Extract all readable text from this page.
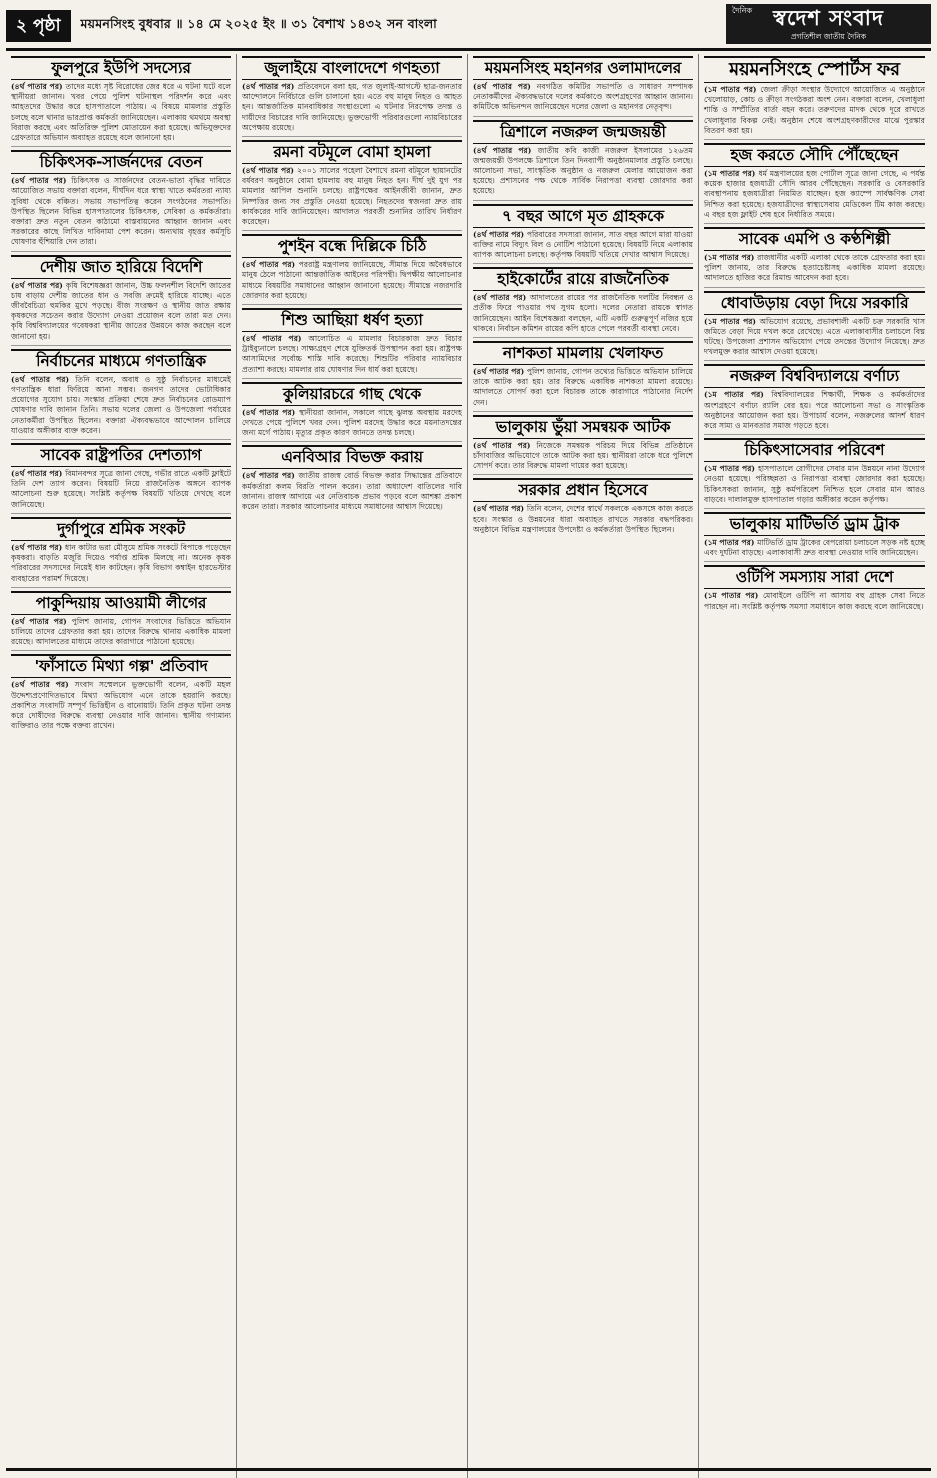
২ পৃষ্ঠা	ময়মনসিংহ বুধবার ॥ ১৪ মে ২০২৫ ইং ॥ ৩১ বৈশাখ ১৪৩২ সন বাংলা
দৈনিক	স্বদেশ সংবাদ
প্রগতিশীল জাতীয় দৈনিক
ফুলপুরে ইউপি সদস্যের
(৪র্থ পাতার পর) তাদের মধ্যে সৃষ্ট বিরোধের জের ধরে এ ঘটনা ঘটে বলে স্থানীয়রা জানান। খবর পেয়ে পুলিশ ঘটনাস্থল পরিদর্শন করে এবং আহতদের উদ্ধার করে হাসপাতালে পাঠায়। এ বিষয়ে মামলার প্রস্তুতি চলছে বলে থানার ভারপ্রাপ্ত কর্মকর্তা জানিয়েছেন। এলাকায় থমথমে অবস্থা বিরাজ করছে এবং অতিরিক্ত পুলিশ মোতায়েন করা হয়েছে। অভিযুক্তদের গ্রেফতারে অভিযান অব্যাহত রয়েছে বলে জানানো হয়।
চিকিৎসক-সার্জনদের বেতন
(৪র্থ পাতার পর) চিকিৎসক ও সার্জনদের বেতন-ভাতা বৃদ্ধির দাবিতে আয়োজিত সভায় বক্তারা বলেন, দীর্ঘদিন ধরে স্বাস্থ্য খাতে কর্মরতরা ন্যায্য সুবিধা থেকে বঞ্চিত। সভায় সভাপতিত্ব করেন সংগঠনের সভাপতি। উপস্থিত ছিলেন বিভিন্ন হাসপাতালের চিকিৎসক, সেবিকা ও কর্মকর্তারা। বক্তারা দ্রুত নতুন বেতন কাঠামো বাস্তবায়নের আহ্বান জানান এবং সরকারের কাছে লিখিত দাবিনামা পেশ করেন। অন্যথায় বৃহত্তর কর্মসূচি ঘোষণার হুঁশিয়ারি দেন তারা।
দেশীয় জাত হারিয়ে বিদেশি
(৪র্থ পাতার পর) কৃষি বিশেষজ্ঞরা জানান, উচ্চ ফলনশীল বিদেশি জাতের চাষ বাড়ায় দেশীয় জাতের ধান ও সবজি ক্রমেই হারিয়ে যাচ্ছে। এতে জীববৈচিত্র্য হুমকির মুখে পড়ছে। বীজ সংরক্ষণ ও স্থানীয় জাত রক্ষায় কৃষকদের সচেতন করার উদ্যোগ নেওয়া প্রয়োজন বলে তারা মত দেন। কৃষি বিশ্ববিদ্যালয়ের গবেষকরা স্থানীয় জাতের উন্নয়নে কাজ করছেন বলে জানানো হয়।
নির্বাচনের মাধ্যমে গণতান্ত্রিক
(৪র্থ পাতার পর) তিনি বলেন, অবাধ ও সুষ্ঠু নির্বাচনের মাধ্যমেই গণতান্ত্রিক ধারা ফিরিয়ে আনা সম্ভব। জনগণ তাদের ভোটাধিকার প্রয়োগের সুযোগ চায়। সংস্কার প্রক্রিয়া শেষে দ্রুত নির্বাচনের রোডম্যাপ ঘোষণার দাবি জানান তিনি। সভায় দলের জেলা ও উপজেলা পর্যায়ের নেতাকর্মীরা উপস্থিত ছিলেন। বক্তারা ঐক্যবদ্ধভাবে আন্দোলন চালিয়ে যাওয়ার অঙ্গীকার ব্যক্ত করেন।
সাবেক রাষ্ট্রপতির দেশত্যাগ
(৪র্থ পাতার পর) বিমানবন্দর সূত্রে জানা গেছে, গভীর রাতে একটি ফ্লাইটে তিনি দেশ ত্যাগ করেন। বিষয়টি নিয়ে রাজনৈতিক অঙ্গনে ব্যাপক আলোচনা শুরু হয়েছে। সংশ্লিষ্ট কর্তৃপক্ষ বিষয়টি খতিয়ে দেখছে বলে জানিয়েছে।
দুর্গাপুরে শ্রমিক সংকট
(৪র্থ পাতার পর) ধান কাটার ভরা মৌসুমে শ্রমিক সংকটে বিপাকে পড়েছেন কৃষকরা। বাড়তি মজুরি দিয়েও পর্যাপ্ত শ্রমিক মিলছে না। অনেক কৃষক পরিবারের সদস্যদের নিয়েই ধান কাটছেন। কৃষি বিভাগ কম্বাইন হারভেস্টার ব্যবহারের পরামর্শ দিয়েছে।
পাকুন্দিয়ায় আওয়ামী লীগের
(৪র্থ পাতার পর) পুলিশ জানায়, গোপন সংবাদের ভিত্তিতে অভিযান চালিয়ে তাদের গ্রেফতার করা হয়। তাদের বিরুদ্ধে থানায় একাধিক মামলা রয়েছে। আদালতের মাধ্যমে তাদের কারাগারে পাঠানো হয়েছে।
'ফাঁসাতে মিথ্যা গল্প' প্রতিবাদ
(৪র্থ পাতার পর) সংবাদ সম্মেলনে ভুক্তভোগী বলেন, একটি মহল উদ্দেশ্যপ্রণোদিতভাবে মিথ্যা অভিযোগ এনে তাকে হয়রানি করছে। প্রকাশিত সংবাদটি সম্পূর্ণ ভিত্তিহীন ও বানোয়াট। তিনি প্রকৃত ঘটনা তদন্ত করে দোষীদের বিরুদ্ধে ব্যবস্থা নেওয়ার দাবি জানান। স্থানীয় গণ্যমান্য ব্যক্তিরাও তার পক্ষে বক্তব্য রাখেন।
জুলাইয়ে বাংলাদেশে গণহত্যা
(৪র্থ পাতার পর) প্রতিবেদনে বলা হয়, গত জুলাই-আগস্টে ছাত্র-জনতার আন্দোলনে নির্বিচারে গুলি চালানো হয়। এতে বহু মানুষ নিহত ও আহত হন। আন্তর্জাতিক মানবাধিকার সংস্থাগুলো এ ঘটনার নিরপেক্ষ তদন্ত ও দায়ীদের বিচারের দাবি জানিয়েছে। ভুক্তভোগী পরিবারগুলো ন্যায়বিচারের অপেক্ষায় রয়েছে।
রমনা বটমূলে বোমা হামলা
(৪র্থ পাতার পর) ২০০১ সালের পহেলা বৈশাখে রমনা বটমূলে ছায়ানটের বর্ষবরণ অনুষ্ঠানে বোমা হামলায় বহু মানুষ নিহত হন। দীর্ঘ দুই যুগ পর মামলার আপিল শুনানি চলছে। রাষ্ট্রপক্ষের আইনজীবী জানান, দ্রুত নিষ্পত্তির জন্য সব প্রস্তুতি নেওয়া হয়েছে। নিহতদের স্বজনরা দ্রুত রায় কার্যকরের দাবি জানিয়েছেন। আদালত পরবর্তী শুনানির তারিখ নির্ধারণ করেছেন।
পুশইন বন্ধে দিল্লিকে চিঠি
(৪র্থ পাতার পর) পররাষ্ট্র মন্ত্রণালয় জানিয়েছে, সীমান্ত দিয়ে অবৈধভাবে মানুষ ঠেলে পাঠানো আন্তর্জাতিক আইনের পরিপন্থী। দ্বিপক্ষীয় আলোচনার মাধ্যমে বিষয়টির সমাধানের আহ্বান জানানো হয়েছে। সীমান্তে নজরদারি জোরদার করা হয়েছে।
শিশু আছিয়া ধর্ষণ হত্যা
(৪র্থ পাতার পর) আলোচিত এ মামলার বিচারকাজ দ্রুত বিচার ট্রাইব্যুনালে চলছে। সাক্ষ্যগ্রহণ শেষে যুক্তিতর্ক উপস্থাপন করা হয়। রাষ্ট্রপক্ষ আসামিদের সর্বোচ্চ শাস্তি দাবি করেছে। শিশুটির পরিবার ন্যায়বিচার প্রত্যাশা করছে। মামলার রায় ঘোষণার দিন ধার্য করা হয়েছে।
কুলিয়ারচরে গাছ থেকে
(৪র্থ পাতার পর) স্থানীয়রা জানান, সকালে গাছে ঝুলন্ত অবস্থায় মরদেহ দেখতে পেয়ে পুলিশে খবর দেন। পুলিশ মরদেহ উদ্ধার করে ময়নাতদন্তের জন্য মর্গে পাঠায়। মৃত্যুর প্রকৃত কারণ জানতে তদন্ত চলছে।
এনবিআর বিভক্ত করায়
(৪র্থ পাতার পর) জাতীয় রাজস্ব বোর্ড বিভক্ত করার সিদ্ধান্তের প্রতিবাদে কর্মকর্তারা কলম বিরতি পালন করেন। তারা অধ্যাদেশ বাতিলের দাবি জানান। রাজস্ব আদায়ে এর নেতিবাচক প্রভাব পড়বে বলে আশঙ্কা প্রকাশ করেন তারা। সরকার আলোচনার মাধ্যমে সমাধানের আশ্বাস দিয়েছে।
ময়মনসিংহ মহানগর ওলামাদলের
(৪র্থ পাতার পর) নবগঠিত কমিটির সভাপতি ও সাধারণ সম্পাদক নেতাকর্মীদের ঐক্যবদ্ধভাবে দলের কর্মকাণ্ডে অংশগ্রহণের আহ্বান জানান। কমিটিকে অভিনন্দন জানিয়েছেন দলের জেলা ও মহানগর নেতৃবৃন্দ।
ত্রিশালে নজরুল জন্মজয়ন্তী
(৪র্থ পাতার পর) জাতীয় কবি কাজী নজরুল ইসলামের ১২৬তম জন্মজয়ন্তী উপলক্ষে ত্রিশালে তিন দিনব্যাপী অনুষ্ঠানমালার প্রস্তুতি চলছে। আলোচনা সভা, সাংস্কৃতিক অনুষ্ঠান ও নজরুল মেলার আয়োজন করা হয়েছে। প্রশাসনের পক্ষ থেকে সার্বিক নিরাপত্তা ব্যবস্থা জোরদার করা হয়েছে।
৭ বছর আগে মৃত গ্রাহককে
(৪র্থ পাতার পর) পরিবারের সদস্যরা জানান, সাত বছর আগে মারা যাওয়া ব্যক্তির নামে বিদ্যুৎ বিল ও নোটিশ পাঠানো হয়েছে। বিষয়টি নিয়ে এলাকায় ব্যাপক আলোচনা চলছে। কর্তৃপক্ষ বিষয়টি খতিয়ে দেখার আশ্বাস দিয়েছে।
হাইকোর্টের রায়ে রাজনৈতিক
(৪র্থ পাতার পর) আদালতের রায়ের পর রাজনৈতিক দলটির নিবন্ধন ও প্রতীক ফিরে পাওয়ার পথ সুগম হলো। দলের নেতারা রায়কে স্বাগত জানিয়েছেন। আইন বিশেষজ্ঞরা বলছেন, এটি একটি গুরুত্বপূর্ণ নজির হয়ে থাকবে। নির্বাচন কমিশন রায়ের কপি হাতে পেলে পরবর্তী ব্যবস্থা নেবে।
নাশকতা মামলায় খেলাফত
(৪র্থ পাতার পর) পুলিশ জানায়, গোপন তথ্যের ভিত্তিতে অভিযান চালিয়ে তাকে আটক করা হয়। তার বিরুদ্ধে একাধিক নাশকতা মামলা রয়েছে। আদালতে সোপর্দ করা হলে বিচারক তাকে কারাগারে পাঠানোর নির্দেশ দেন।
ভালুকায় ভুঁয়া সমন্বয়ক আটক
(৪র্থ পাতার পর) নিজেকে সমন্বয়ক পরিচয় দিয়ে বিভিন্ন প্রতিষ্ঠানে চাঁদাবাজির অভিযোগে তাকে আটক করা হয়। স্থানীয়রা তাকে ধরে পুলিশে সোপর্দ করে। তার বিরুদ্ধে মামলা দায়ের করা হয়েছে।
সরকার প্রধান হিসেবে
(৪র্থ পাতার পর) তিনি বলেন, দেশের স্বার্থে সকলকে একসঙ্গে কাজ করতে হবে। সংস্কার ও উন্নয়নের ধারা অব্যাহত রাখতে সরকার বদ্ধপরিকর। অনুষ্ঠানে বিভিন্ন মন্ত্রণালয়ের উপদেষ্টা ও কর্মকর্তারা উপস্থিত ছিলেন।
ময়মনসিংহে স্পোর্টস ফর
(১ম পাতার পর) জেলা ক্রীড়া সংস্থার উদ্যোগে আয়োজিত এ অনুষ্ঠানে খেলোয়াড়, কোচ ও ক্রীড়া সংগঠকরা অংশ নেন। বক্তারা বলেন, খেলাধুলা শান্তি ও সম্প্রীতির বার্তা বহন করে। তরুণদের মাদক থেকে দূরে রাখতে খেলাধুলার বিকল্প নেই। অনুষ্ঠান শেষে অংশগ্রহণকারীদের মাঝে পুরস্কার বিতরণ করা হয়।
হজ করতে সৌদি পৌঁছেছেন
(১ম পাতার পর) ধর্ম মন্ত্রণালয়ের হজ পোর্টাল সূত্রে জানা গেছে, এ পর্যন্ত কয়েক হাজার হজযাত্রী সৌদি আরব পৌঁছেছেন। সরকারি ও বেসরকারি ব্যবস্থাপনায় হজযাত্রীরা নিয়মিত যাচ্ছেন। হজ ক্যাম্পে সার্বক্ষণিক সেবা নিশ্চিত করা হয়েছে। হজযাত্রীদের স্বাস্থ্যসেবায় মেডিকেল টিম কাজ করছে। এ বছর হজ ফ্লাইট শেষ হবে নির্ধারিত সময়ে।
সাবেক এমপি ও কণ্ঠশিল্পী
(১ম পাতার পর) রাজধানীর একটি এলাকা থেকে তাকে গ্রেফতার করা হয়। পুলিশ জানায়, তার বিরুদ্ধে হত্যাচেষ্টাসহ একাধিক মামলা রয়েছে। আদালতে হাজির করে রিমান্ড আবেদন করা হবে।
ধোবাউড়ায় বেড়া দিয়ে সরকারি
(১ম পাতার পর) অভিযোগ রয়েছে, প্রভাবশালী একটি চক্র সরকারি খাস জমিতে বেড়া দিয়ে দখল করে রেখেছে। এতে এলাকাবাসীর চলাচলে বিঘ্ন ঘটছে। উপজেলা প্রশাসন অভিযোগ পেয়ে তদন্তের উদ্যোগ নিয়েছে। দ্রুত দখলমুক্ত করার আশ্বাস দেওয়া হয়েছে।
নজরুল বিশ্ববিদ্যালয়ে বর্ণাঢ্য
(১ম পাতার পর) বিশ্ববিদ্যালয়ের শিক্ষার্থী, শিক্ষক ও কর্মকর্তাদের অংশগ্রহণে বর্ণাঢ্য র‍্যালি বের হয়। পরে আলোচনা সভা ও সাংস্কৃতিক অনুষ্ঠানের আয়োজন করা হয়। উপাচার্য বলেন, নজরুলের আদর্শ ধারণ করে সাম্য ও মানবতার সমাজ গড়তে হবে।
চিকিৎসাসেবার পরিবেশ
(১ম পাতার পর) হাসপাতালে রোগীদের সেবার মান উন্নয়নে নানা উদ্যোগ নেওয়া হয়েছে। পরিচ্ছন্নতা ও নিরাপত্তা ব্যবস্থা জোরদার করা হয়েছে। চিকিৎসকরা জানান, সুষ্ঠু কর্মপরিবেশ নিশ্চিত হলে সেবার মান আরও বাড়বে। দালালমুক্ত হাসপাতাল গড়ার অঙ্গীকার করেন কর্তৃপক্ষ।
ভালুকায় মাটিভর্তি ড্রাম ট্রাক
(১ম পাতার পর) মাটিভর্তি ড্রাম ট্রাকের বেপরোয়া চলাচলে সড়ক নষ্ট হচ্ছে এবং দুর্ঘটনা বাড়ছে। এলাকাবাসী দ্রুত ব্যবস্থা নেওয়ার দাবি জানিয়েছেন।
ওটিপি সমস্যায় সারা দেশে
(১ম পাতার পর) মোবাইলে ওটিপি না আসায় বহু গ্রাহক সেবা নিতে পারছেন না। সংশ্লিষ্ট কর্তৃপক্ষ সমস্যা সমাধানে কাজ করছে বলে জানিয়েছে।
